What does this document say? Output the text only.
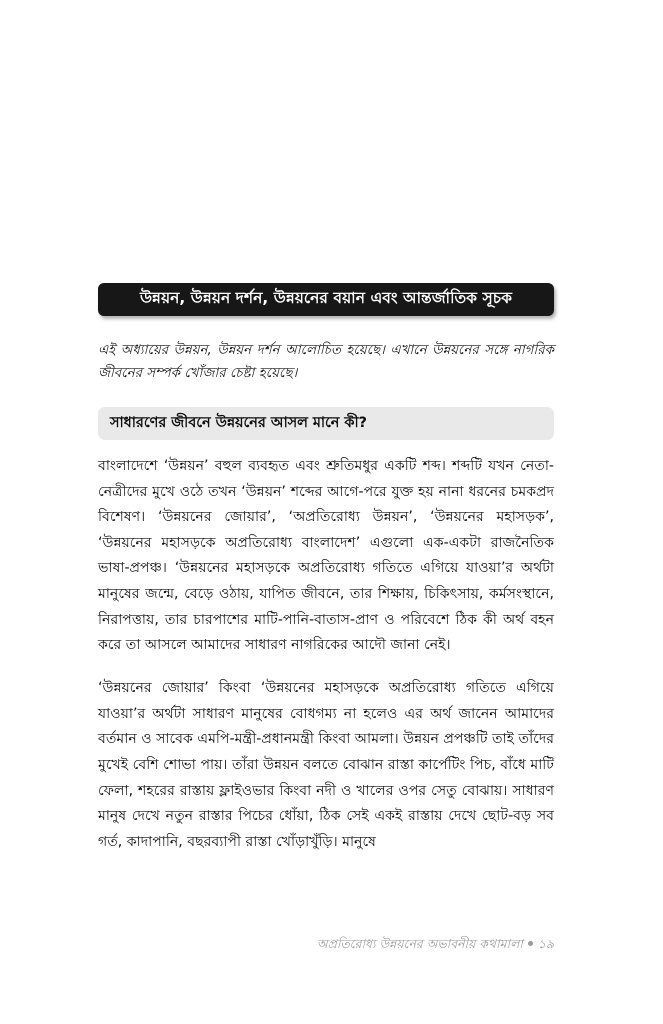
উন্নয়ন, উন্নয়ন দর্শন, উন্নয়নের বয়ান এবং আন্তর্জাতিক সূচক
এই অধ্যায়ের উন্নয়ন, উন্নয়ন দর্শন আলোচিত হয়েছে। এখানে উন্নয়নের সঙ্গে নাগরিক জীবনের সম্পর্ক খোঁজার চেষ্টা হয়েছে।
সাধারণের জীবনে উন্নয়নের আসল মানে কী?

বাংলাদেশে ‘উন্নয়ন’ বহুল ব্যবহৃত এবং শ্রুতিমধুর একটি শব্দ। শব্দটি যখন নেতা-নেত্রীদের মুখে ওঠে তখন ‘উন্নয়ন’ শব্দের আগে-পরে যুক্ত হয় নানা ধরনের চমকপ্রদ বিশেষণ। ‘উন্নয়নের জোয়ার’, ‘অপ্রতিরোধ্য উন্নয়ন’, ‘উন্নয়নের মহাসড়ক’, ‘উন্নয়নের মহাসড়কে অপ্রতিরোধ্য বাংলাদেশ’ এগুলো এক-একটা রাজনৈতিক ভাষা-প্রপঞ্চ। ‘উন্নয়নের মহাসড়কে অপ্রতিরোধ্য গতিতে এগিয়ে যাওয়া’র অর্থটা মানুষের জন্মে, বেড়ে ওঠায়, যাপিত জীবনে, তার শিক্ষায়, চিকিৎসায়, কর্মসংস্থানে, নিরাপত্তায়, তার চারপাশের মাটি-পানি-বাতাস-প্রাণ ও পরিবেশে ঠিক কী অর্থ বহন করে তা আসলে আমাদের সাধারণ নাগরিকের আদৌ জানা নেই।

‘উন্নয়নের জোয়ার’ কিংবা ‘উন্নয়নের মহাসড়কে অপ্রতিরোধ্য গতিতে এগিয়ে যাওয়া’র অর্থটা সাধারণ মানুষের বোধগম্য না হলেও এর অর্থ জানেন আমাদের বর্তমান ও সাবেক এমপি-মন্ত্রী-প্রধানমন্ত্রী কিংবা আমলা। উন্নয়ন প্রপঞ্চটি তাই তাঁদের মুখেই বেশি শোভা পায়। তাঁরা উন্নয়ন বলতে বোঝান রাস্তা কার্পেটিং পিচ, বাঁধে মাটি ফেলা, শহরের রাস্তায় ফ্লাইওভার কিংবা নদী ও খালের ওপর সেতু বোঝায়। সাধারণ মানুষ দেখে নতুন রাস্তার পিচের ধোঁয়া, ঠিক সেই একই রাস্তায় দেখে ছোট-বড় সব গর্ত, কাদাপানি, বছরব্যাপী রাস্তা খোঁড়াখুঁড়ি। মানুষে

অপ্রতিরোধ্য উন্নয়নের অভাবনীয় কথামালা ১৯
